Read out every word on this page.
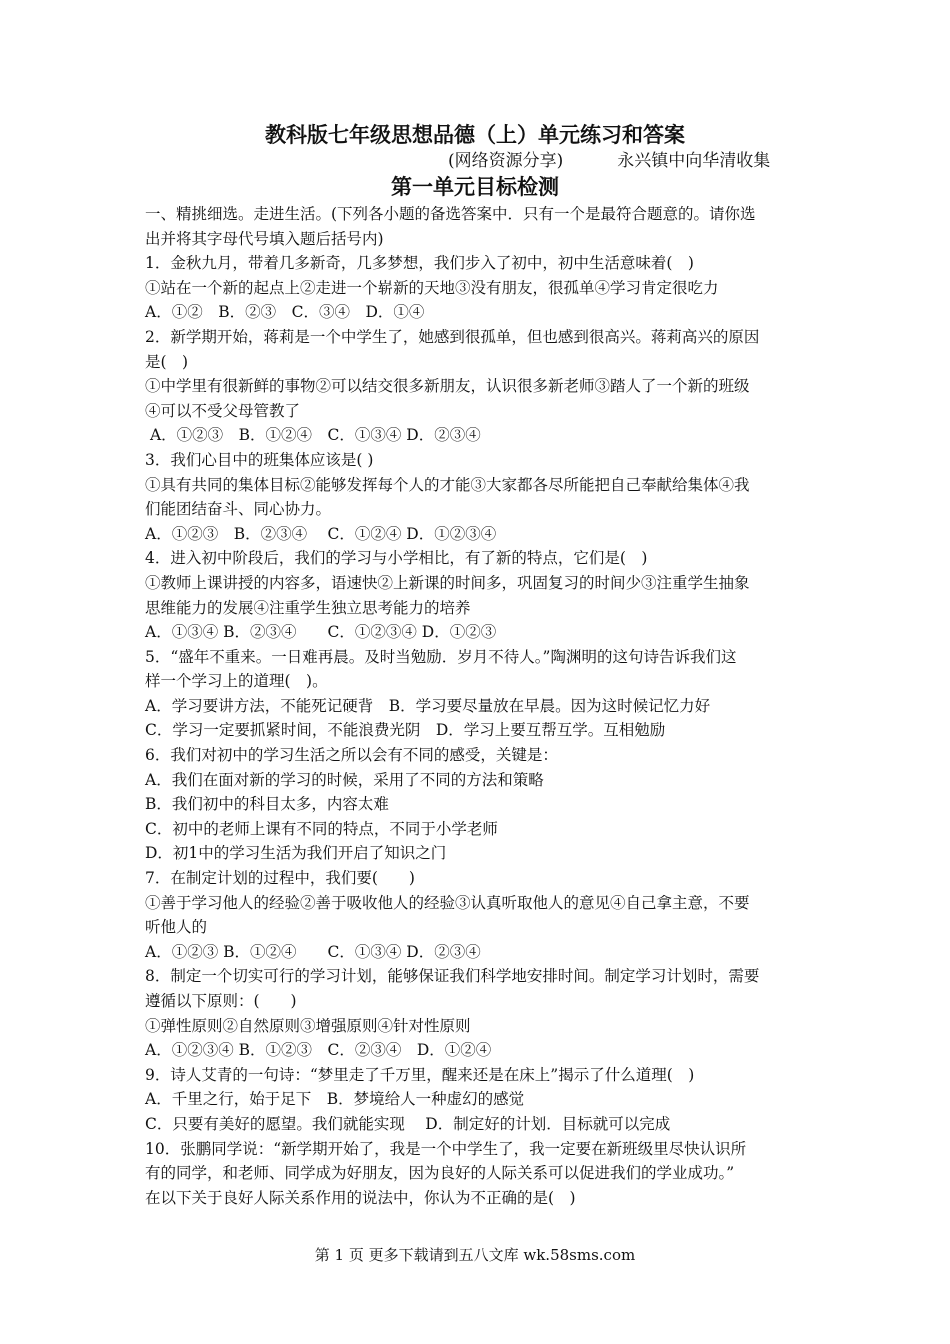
教科版七年级思想品德（上）单元练习和答案
(网络资源分享)          永兴镇中向华清收集
第一单元目标检测

一、精挑细选。走进生活。(下列各小题的备选答案中．只有一个是最符合题意的。请你选

出并将其字母代号填入题后括号内)

1．金秋九月，带着几多新奇，几多梦想，我们步入了初中，初中生活意味着(　)

①站在一个新的起点上②走进一个崭新的天地③没有朋友，很孤单④学习肯定很吃力

A．①②　B．②③　C．③④　D．①④

2．新学期开始，蒋莉是一个中学生了，她感到很孤单，但也感到很高兴。蒋莉高兴的原因

是(　)

①中学里有很新鲜的事物②可以结交很多新朋友，认识很多新老师③踏人了一个新的班级

④可以不受父母管教了

A．①②③　B．①②④　C．①③④ D．②③④

3．我们心目中的班集体应该是( )

①具有共同的集体目标②能够发挥每个人的才能③大家都各尽所能把自己奉献给集体④我

们能团结奋斗、同心协力。

A．①②③　B．②③④　 C．①②④ D．①②③④

4．进入初中阶段后，我们的学习与小学相比，有了新的特点，它们是(　)

①教师上课讲授的内容多，语速快②上新课的时间多，巩固复习的时间少③注重学生抽象

思维能力的发展④注重学生独立思考能力的培养

A．①③④ B．②③④　　C．①②③④ D．①②③

5．“盛年不重来。一日难再晨。及时当勉励．岁月不待人。”陶渊明的这句诗告诉我们这

样一个学习上的道理(　)。

A．学习要讲方法，不能死记硬背　B．学习要尽量放在早晨。因为这时候记忆力好

C．学习一定要抓紧时间，不能浪费光阴　D．学习上要互帮互学。互相勉励

6．我们对初中的学习生活之所以会有不同的感受，关键是：

A．我们在面对新的学习的时候，采用了不同的方法和策略

B．我们初中的科目太多，内容太难

C．初中的老师上课有不同的特点，不同于小学老师

D．初1中的学习生活为我们开启了知识之门

7．在制定计划的过程中，我们要(　　)

①善于学习他人的经验②善于吸收他人的经验③认真听取他人的意见④自己拿主意，不要

听他人的

A．①②③ B．①②④　　C．①③④ D．②③④

8．制定一个切实可行的学习计划，能够保证我们科学地安排时间。制定学习计划时，需要

遵循以下原则：(　　)

①弹性原则②自然原则③增强原则④针对性原则

A．①②③④ B．①②③　C．②③④　D．①②④

9．诗人艾青的一句诗：“梦里走了千万里，醒来还是在床上”揭示了什么道理(　)

A．千里之行，始于足下　B．梦境给人一种虚幻的感觉

C．只要有美好的愿望。我们就能实现　 D．制定好的计划．目标就可以完成

10．张鹏同学说：“新学期开始了，我是一个中学生了，我一定要在新班级里尽快认识所

有的同学，和老师、同学成为好朋友，因为良好的人际关系可以促进我们的学业成功。”

在以下关于良好人际关系作用的说法中，你认为不正确的是(　)

第 1 页 更多下载请到五八文库 wk.58sms.com
